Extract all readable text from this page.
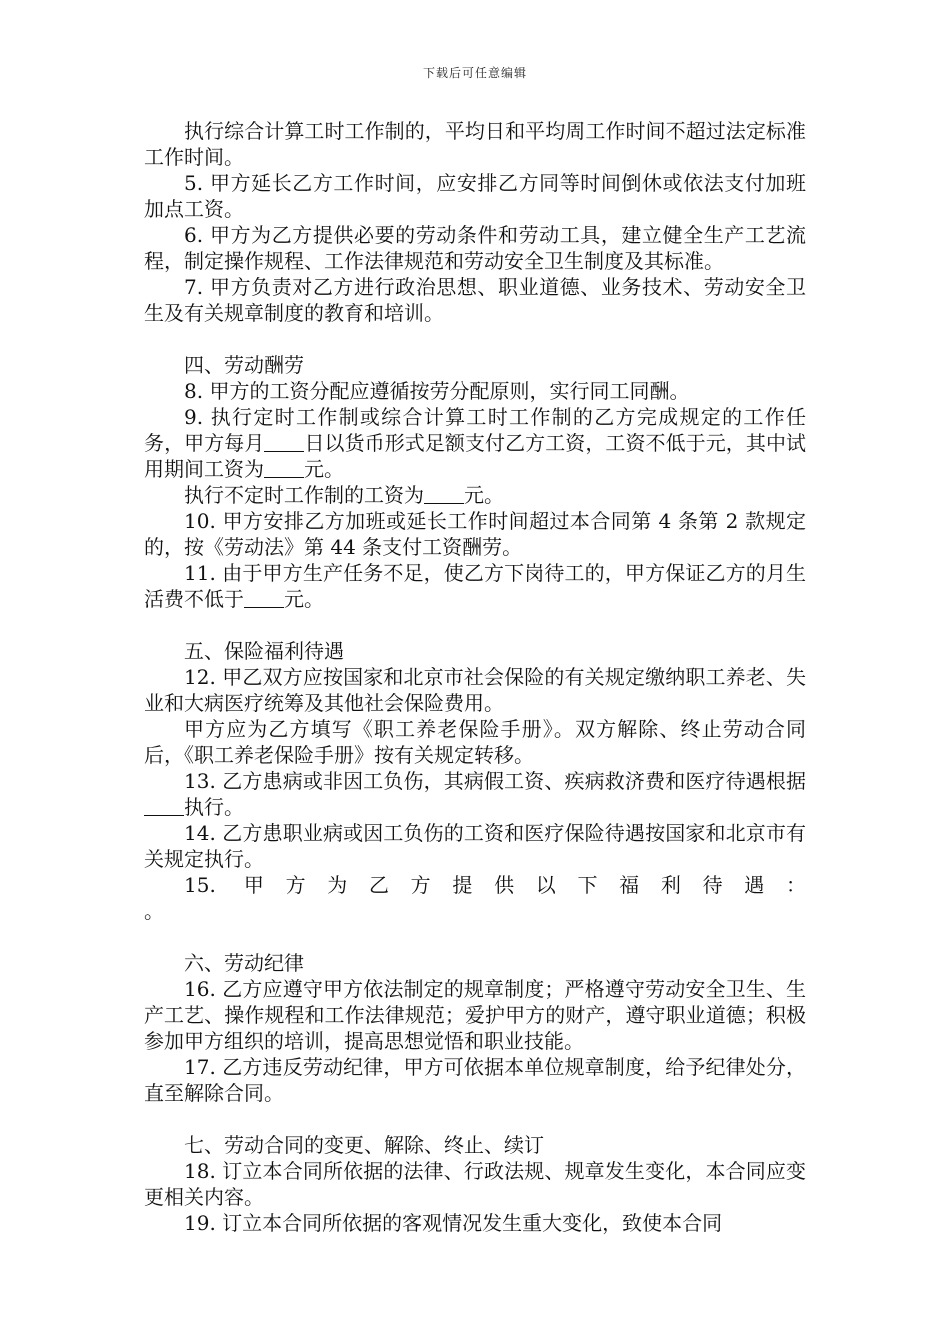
下载后可任意编辑

执行综合计算工时工作制的，平均日和平均周工作时间不超过法定标准工作时间。

5. 甲方延长乙方工作时间，应安排乙方同等时间倒休或依法支付加班加点工资。

6. 甲方为乙方提供必要的劳动条件和劳动工具，建立健全生产工艺流程，制定操作规程、工作法律规范和劳动安全卫生制度及其标准。

7. 甲方负责对乙方进行政治思想、职业道德、业务技术、劳动安全卫生及有关规章制度的教育和培训。

四、劳动酬劳

8. 甲方的工资分配应遵循按劳分配原则，实行同工同酬。

9. 执行定时工作制或综合计算工时工作制的乙方完成规定的工作任务，甲方每月 日以货币形式足额支付乙方工资，工资不低于元，其中试用期间工资为 元。

执行不定时工作制的工资为 元。

10. 甲方安排乙方加班或延长工作时间超过本合同第 4 条第 2 款规定的，按《劳动法》第 44 条支付工资酬劳。

11. 由于甲方生产任务不足，使乙方下岗待工的，甲方保证乙方的月生活费不低于 元。

五、保险福利待遇

12. 甲乙双方应按国家和北京市社会保险的有关规定缴纳职工养老、失业和大病医疗统筹及其他社会保险费用。

甲方应为乙方填写《职工养老保险手册》。双方解除、终止劳动合同后，《职工养老保险手册》按有关规定转移。

13. 乙方患病或非因工负伤，其病假工资、疾病救济费和医疗待遇根据执行。

14. 乙方患职业病或因工负伤的工资和医疗保险待遇按国家和北京市有关规定执行。

15. 甲方为乙方提供以下福利待遇：

。

六、劳动纪律

16. 乙方应遵守甲方依法制定的规章制度；严格遵守劳动安全卫生、生产工艺、操作规程和工作法律规范；爱护甲方的财产，遵守职业道德；积极参加甲方组织的培训，提高思想觉悟和职业技能。

17. 乙方违反劳动纪律，甲方可依据本单位规章制度，给予纪律处分，直至解除合同。

七、劳动合同的变更、解除、终止、续订

18. 订立本合同所依据的法律、行政法规、规章发生变化，本合同应变更相关内容。

19. 订立本合同所依据的客观情况发生重大变化，致使本合同
